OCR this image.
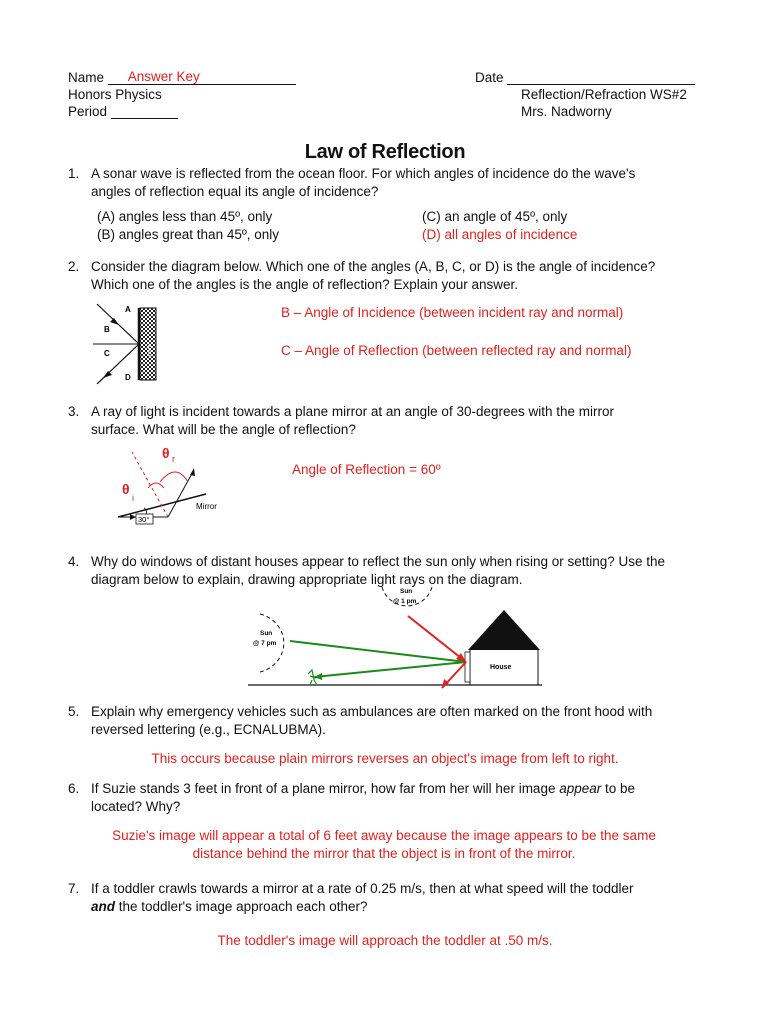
Name Answer Key
Honors Physics
Period
Date
Reflection/Refraction WS#2
Mrs. Nadworny
Law of Reflection
1. A sonar wave is reflected from the ocean floor. For which angles of incidence do the wave's
angles of reflection equal its angle of incidence?
(A) angles less than 45º, only
(B) angles great than 45º, only
(C) an angle of 45º, only
(D) all angles of incidence
2. Consider the diagram below. Which one of the angles (A, B, C, or D) is the angle of incidence?
Which one of the angles is the angle of reflection? Explain your answer.
B – Angle of Incidence (between incident ray and normal)
C – Angle of Reflection (between reflected ray and normal)
A
B
C
D
mirror
3. A ray of light is incident towards a plane mirror at an angle of 30-degrees with the mirror
surface. What will be the angle of reflection?
Angle of Reflection = 60º
θ r
θ
i
30°
Mirror
4. Why do windows of distant houses appear to reflect the sun only when rising or setting? Use the
diagram below to explain, drawing appropriate light rays on the diagram.
Sun
@ 1 pm
Sun
@ 7 pm
House
5. Explain why emergency vehicles such as ambulances are often marked on the front hood with
reversed lettering (e.g., ECNALUBMA).
This occurs because plain mirrors reverses an object's image from left to right.
6. If Suzie stands 3 feet in front of a plane mirror, how far from her will her image appear to be
located? Why?
Suzie's image will appear a total of 6 feet away because the image appears to be the same
distance behind the mirror that the object is in front of the mirror.
7. If a toddler crawls towards a mirror at a rate of 0.25 m/s, then at what speed will the toddler
and the toddler's image approach each other?
The toddler's image will approach the toddler at .50 m/s.
